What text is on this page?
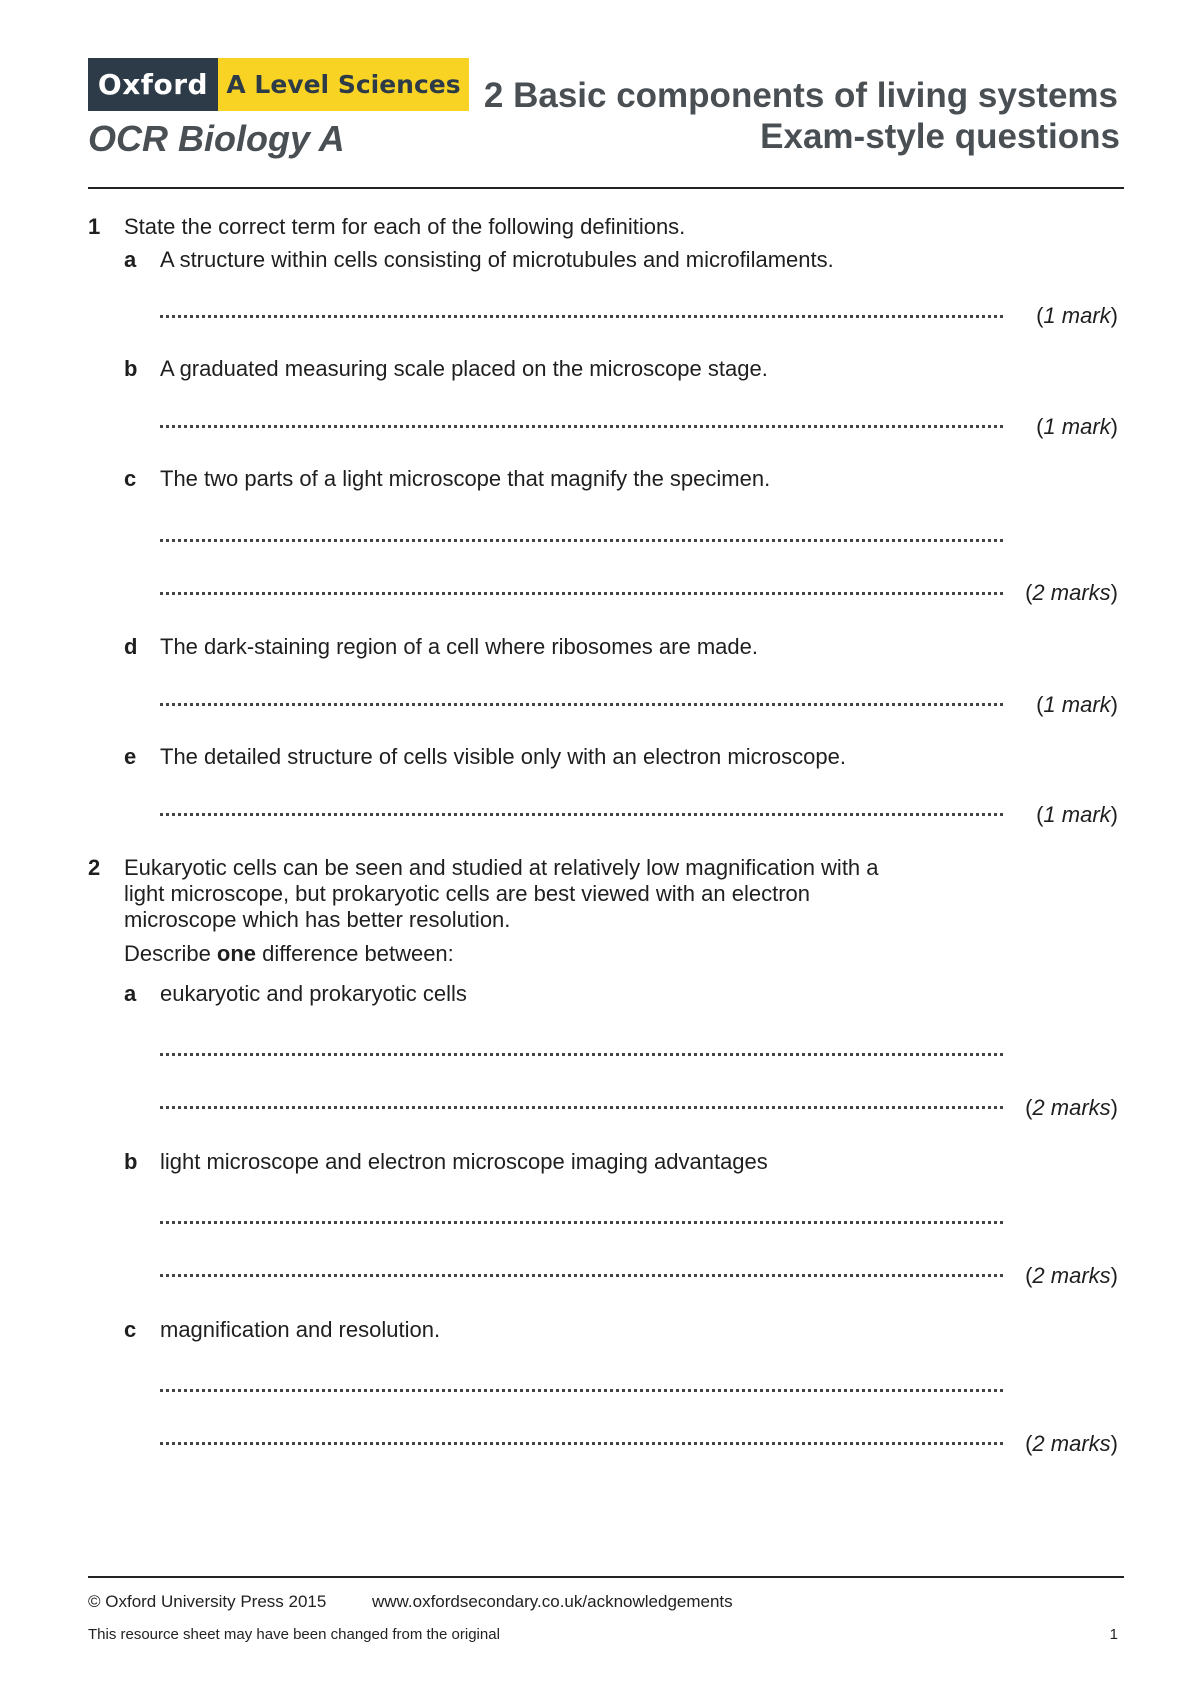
Oxford A Level Sciences
OCR Biology A
2 Basic components of living systems
Exam-style questions
1 State the correct term for each of the following definitions.
a A structure within cells consisting of microtubules and microfilaments.
(1 mark)
b A graduated measuring scale placed on the microscope stage.
(1 mark)
c The two parts of a light microscope that magnify the specimen.
(2 marks)
d The dark-staining region of a cell where ribosomes are made.
(1 mark)
e The detailed structure of cells visible only with an electron microscope.
(1 mark)
2 Eukaryotic cells can be seen and studied at relatively low magnification with a
light microscope, but prokaryotic cells are best viewed with an electron
microscope which has better resolution.
Describe one difference between:
a eukaryotic and prokaryotic cells
(2 marks)
b light microscope and electron microscope imaging advantages
(2 marks)
c magnification and resolution.
(2 marks)
© Oxford University Press 2015	www.oxfordsecondary.co.uk/acknowledgements
This resource sheet may have been changed from the original	1
